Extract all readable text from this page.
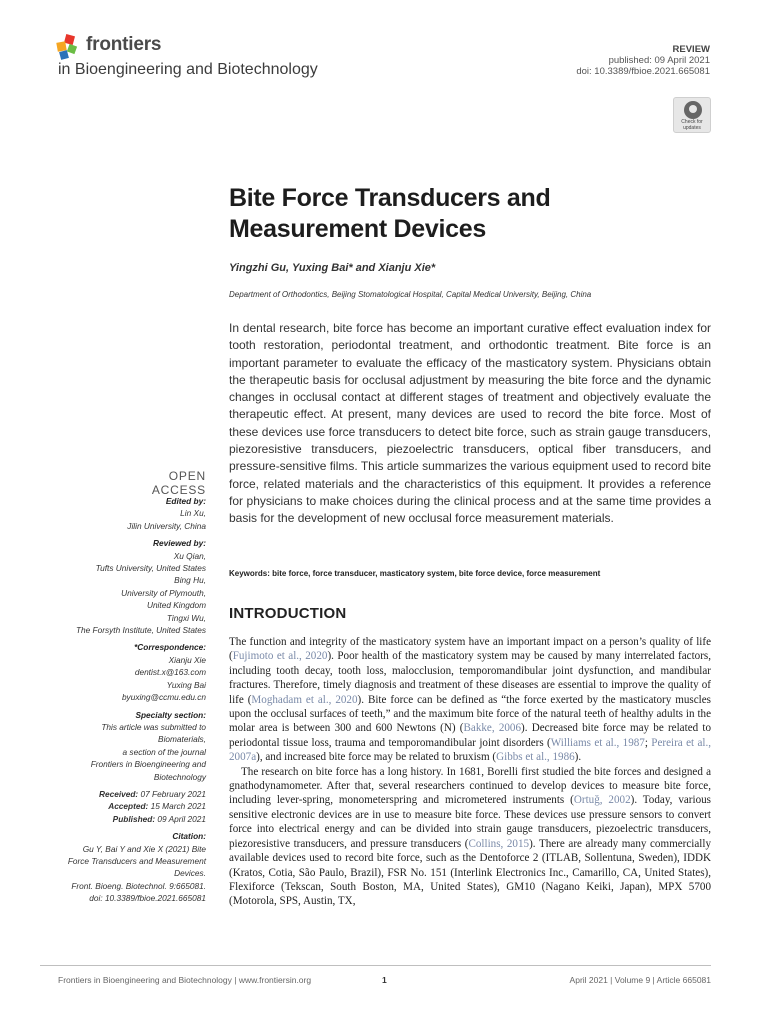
frontiers
in Bioengineering and Biotechnology
REVIEW
published: 09 April 2021
doi: 10.3389/fbioe.2021.665081
Check for updates
Bite Force Transducers and Measurement Devices
Yingzhi Gu, Yuxing Bai* and Xianju Xie*
Department of Orthodontics, Beijing Stomatological Hospital, Capital Medical University, Beijing, China
In dental research, bite force has become an important curative effect evaluation index for tooth restoration, periodontal treatment, and orthodontic treatment. Bite force is an important parameter to evaluate the efficacy of the masticatory system. Physicians obtain the therapeutic basis for occlusal adjustment by measuring the bite force and the dynamic changes in occlusal contact at different stages of treatment and objectively evaluate the therapeutic effect. At present, many devices are used to record the bite force. Most of these devices use force transducers to detect bite force, such as strain gauge transducers, piezoresistive transducers, piezoelectric transducers, optical fiber transducers, and pressure-sensitive films. This article summarizes the various equipment used to record bite force, related materials and the characteristics of this equipment. It provides a reference for physicians to make choices during the clinical process and at the same time provides a basis for the development of new occlusal force measurement materials.
Keywords: bite force, force transducer, masticatory system, bite force device, force measurement
OPEN ACCESS
Edited by:
Lin Xu,
Jilin University, China
Reviewed by:
Xu Qian,
Tufts University, United States
Bing Hu,
University of Plymouth,
United Kingdom
Tingxi Wu,
The Forsyth Institute, United States
*Correspondence:
Xianju Xie
dentist.x@163.com
Yuxing Bai
byuxing@ccmu.edu.cn
Specialty section:
This article was submitted to
Biomaterials,
a section of the journal
Frontiers in Bioengineering and
Biotechnology
Received: 07 February 2021
Accepted: 15 March 2021
Published: 09 April 2021
Citation:
Gu Y, Bai Y and Xie X (2021) Bite
Force Transducers and Measurement
Devices.
Front. Bioeng. Biotechnol. 9:665081.
doi: 10.3389/fbioe.2021.665081
INTRODUCTION

The function and integrity of the masticatory system have an important impact on a person’s quality of life (Fujimoto et al., 2020). Poor health of the masticatory system may be caused by many interrelated factors, including tooth decay, tooth loss, malocclusion, temporomandibular joint dysfunction, and mandibular fractures. Therefore, timely diagnosis and treatment of these diseases are essential to improve the quality of life (Moghadam et al., 2020). Bite force can be defined as “the force exerted by the masticatory muscles upon the occlusal surfaces of teeth,” and the maximum bite force of the natural teeth of healthy adults in the molar area is between 300 and 600 Newtons (N) (Bakke, 2006). Decreased bite force may be related to periodontal tissue loss, trauma and temporomandibular joint disorders (Williams et al., 1987; Pereira et al., 2007a), and increased bite force may be related to bruxism (Gibbs et al., 1986).

The research on bite force has a long history. In 1681, Borelli first studied the bite forces and designed a gnathodynamometer. After that, several researchers continued to develop devices to measure bite force, including lever-spring, monometerspring and micrometered instruments (Ortuğ, 2002). Today, various sensitive electronic devices are in use to measure bite force. These devices use pressure sensors to convert force into electrical energy and can be divided into strain gauge transducers, piezoelectric transducers, piezoresistive transducers, and pressure transducers (Collins, 2015). There are already many commercially available devices used to record bite force, such as the Dentoforce 2 (ITLAB, Sollentuna, Sweden), IDDK (Kratos, Cotia, São Paulo, Brazil), FSR No. 151 (Interlink Electronics Inc., Camarillo, CA, United States), Flexiforce (Tekscan, South Boston, MA, United States), GM10 (Nagano Keiki, Japan), MPX 5700 (Motorola, SPS, Austin, TX,

Frontiers in Bioengineering and Biotechnology | www.frontiersin.org	1	April 2021 | Volume 9 | Article 665081
